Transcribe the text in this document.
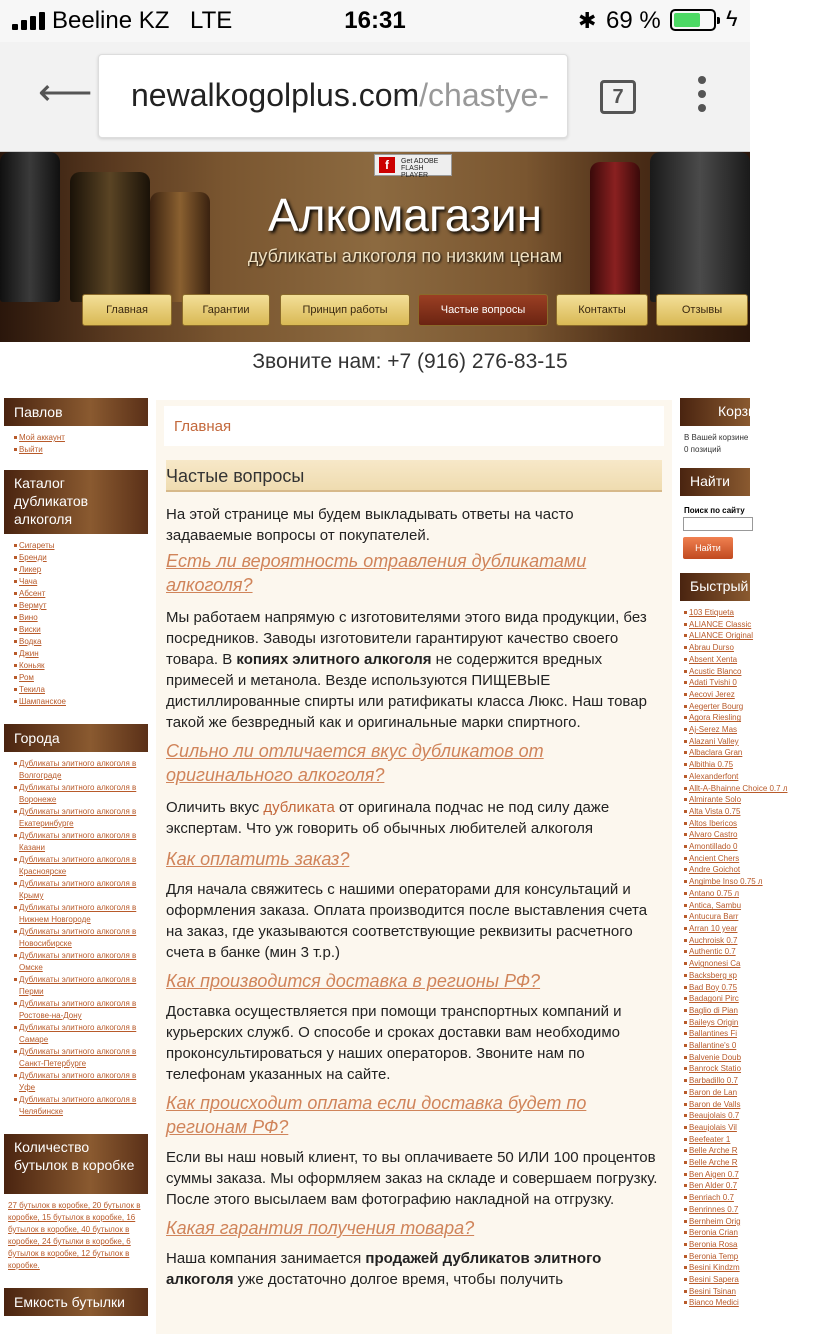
Beeline KZ LTE	16:31	✱ 69 %	ϟ
⟵	newalkogolplus.com/chastye-	7
f	Get ADOBE FLASH PLAYER
Алкомагазин
дубликаты алкоголя по низким ценам
Главная	Гарантии	Принцип работы	Частые вопросы	Контакты	Отзывы
Звоните нам: +7 (916) 276-83-15
Павлов
Мой аккаунт
Выйти
Каталог дубликатов алкоголя
Сигареты
Бренди
Ликер
Чача
Абсент
Вермут
Вино
Виски
Водка
Джин
Коньяк
Ром
Текила
Шампанское
Города
Дубликаты элитного алкоголя в Волгограде
Дубликаты элитного алкоголя в Воронеже
Дубликаты элитного алкоголя в Екатеринбурге
Дубликаты элитного алкоголя в Казани
Дубликаты элитного алкоголя в Красноярске
Дубликаты элитного алкоголя в Крыму
Дубликаты элитного алкоголя в Нижнем Новгороде
Дубликаты элитного алкоголя в Новосибирске
Дубликаты элитного алкоголя в Омске
Дубликаты элитного алкоголя в Перми
Дубликаты элитного алкоголя в Ростове-на-Дону
Дубликаты элитного алкоголя в Самаре
Дубликаты элитного алкоголя в Санкт-Петербурге
Дубликаты элитного алкоголя в Уфе
Дубликаты элитного алкоголя в Челябинске
Количество бутылок в коробке
27 бутылок в коробке, 20 бутылок в коробке, 15 бутылок в коробке, 16 бутылок в коробке, 40 бутылок в коробке, 24 бутылки в коробке, 6 бутылок в коробке, 12 бутылок в коробке.
Емкость бутылки
Главная
Частые вопросы

На этой странице мы будем выкладывать ответы на часто задаваемые вопросы от покупателей.

Есть ли вероятность отравления дубликатами алкоголя?

Мы работаем напрямую с изготовителями этого вида продукции, без посредников. Заводы изготовители гарантируют качество своего товара. В копиях элитного алкоголя не содержится вредных примесей и метанола. Везде используются ПИЩЕВЫЕ дистиллированные спирты или ратификаты класса Люкс. Наш товар такой же безвредный как и оригинальные марки спиртного.

Сильно ли отличается вкус дубликатов от оригинального алкоголя?

Оличить вкус дубликата от оригинала подчас не под силу даже экспертам. Что уж говорить об обычных любителей алкоголя

Как оплатить заказ?

Для начала свяжитесь с нашими операторами для консультаций и оформления заказа. Оплата производится после выставления счета на заказ, где указываются соответствующие реквизиты расчетного счета в банке (мин 3 т.р.)

Как производится доставка в регионы РФ?

Доставка осуществляется при помощи транспортных компаний и курьерских служб. О способе и сроках доставки вам необходимо проконсультироваться у наших операторов. Звоните нам по телефонам указанных на сайте.

Как происходит оплата если доставка будет по регионам РФ?

Если вы наш новый клиент, то вы оплачиваете 50 ИЛИ 100 процентов суммы заказа. Мы оформляем заказ на складе и совершаем погрузку. После этого высылаем вам фотографию накладной на отгрузку.

Какая гарантия получения товара?

Наша компания занимается продажей дубликатов элитного алкоголя уже достаточно долгое время, чтобы получить

Корзина
В Вашей корзине
0 позиций
Найти
Поиск по сайту
Найти
Быстрый выбор
103 Etiqueta
ALIANCE Classic
ALIANCE Original
Abrau Durso
Absent Xenta
Acustic Blanco
Adati Tvishi 0
Aecovi Jerez
Aegerter Bourg
Agora Riesling
Aj-Serez Mas
Alazani Valley
Albaclara Gran
Albithia 0.75
Alexanderfont
Allt-A-Bhainne Choice 0.7 л
Almirante Solo
Alta Vista 0.75
Altos Ibericos
Alvaro Castro
Amontillado 0
Ancient Chers
Andre Goichot
Angimbe Inso 0.75 л
Antano 0.75 л
Antica, Sambu
Antucura Barr
Arran 10 year
Auchroisk 0.7
Authentic 0.7
Avignonesi Ca
Backsberg кр
Bad Boy 0.75
Badagoni Pirc
Baglio di Pian
Baileys Origin
Ballantines Fi
Ballantine's 0
Balvenie Doub
Banrock Statio
Barbadillo 0.7
Baron de Lan
Baron de Valls
Beaujolais 0.7
Beaujolais Vil
Beefeater 1
Belle Arche R
Belle Arche R
Ben Aigen 0.7
Ben Alder 0.7
Benriach 0.7
Benrinnes 0.7
Bernheim Orig
Beronia Crian
Beronia Rosa
Beronia Temp
Besini Kindzm
Besini Saperа
Besini Tsinan
Bianco Medici
